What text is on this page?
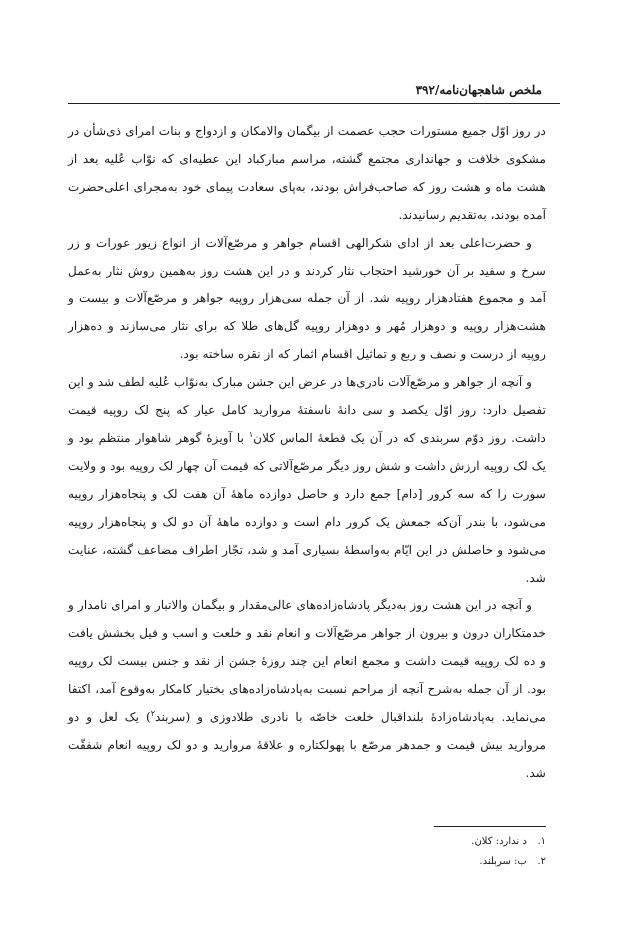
ملخص شاهجهان‌نامه/۳۹۲

در روز اوّل جمیع مستورات حجب عصمت از بیگمان والامکان و ازدواج و بنات امرای ذی‌شأن در مشکوی خلافت و جهانداری مجتمع گشته، مراسم مبارکباد این عطیه‌ای که نوّاب عُلیه بعد از هشت ماه و هشت روز که صاحب‌فراش بودند، به‌پای سعادت پیمای خود به‌مجرای اعلی‌حضرت آمده بودند، به‌تقدیم رسانیدند.

و حضرت‌اعلی بعد از ادای شکرالهی اقسام جواهر و مرصّع‌آلات از انواع زیور عورات و زر سرخ و سفید بر آن خورشید احتجاب نثار کردند و در این هشت روز به‌همین روش نثار به‌عمل آمد و مجموع هفتادهزار روپیه شد. از آن جمله سی‌هزار روپیه جواهر و مرصّع‌آلات و بیست و هشت‌هزار روپیه و دوهزار مُهر و دوهزار روپیه گل‌های طلا که برای نثار می‌سازند و ده‌هزار روپیه از درست و نصف و ربع و تماثیل اقسام اثمار که از نقره ساخته بود.

و آنچه از جواهر و مرصّع‌آلات نادری‌ها در عرض این جشن مبارک به‌نوّاب عُلیه لطف شد و این تفصیل دارد: روز اوّل یکصد و سی دانهٔ ناسفتهٔ مروارید کامل عیار که پنج لک روپیه قیمت داشت. روز دوّم سربندی که در آن یک قطعهٔ الماس کلان$^۱$ با آویزهٔ گوهر شاهوار منتظم بود و یک لک روپیه ارزش داشت و شش روز دیگر مرصّع‌آلاتی که قیمت آن چهار لک روپیه بود و ولایت سورت را که سه کرور [دام] جمع دارد و حاصل دوازده ماههٔ آن هفت لک و پنجاه‌هزار روپیه می‌شود، با بندر آن‌که جمعش یک کرور دام است و دوازده ماههٔ آن دو لک و پنجاه‌هزار روپیه می‌شود و حاصلش در این ایّام به‌واسطهٔ بسیاری آمد و شد، تجّار اطراف مضاعف گشته، عنایت شد.

و آنچه در این هشت روز به‌دیگر پادشاه‌زاده‌های عالی‌مقدار و بیگمان والاتبار و امرای نامدار و خدمتکاران درون و بیرون از جواهر مرصّع‌آلات و انعام نقد و خلعت و اسب و فیل بخشش یافت و ده لک روپیه قیمت داشت و مجمع انعام این چند روزهٔ جشن از نقد و جنس بیست لک روپیه بود. از آن جمله به‌شرح آنچه از مراحم نسبت به‌پادشاه‌زاده‌های بختیار کامکار به‌وقوع آمد، اکتفا می‌نماید. به‌پادشاه‌زادهٔ بلنداقبال خلعت خاصّه با نادری طلادوزی و (سربند$^۲$) یک لعل و دو مروارید بیش قیمت و جمدهر مرصّع با پهولکتاره و علاقهٔ مروارید و دو لک روپیه انعام شفقّت شد.

۱. د ندارد: کلان.

۲. ب: سربلند.
